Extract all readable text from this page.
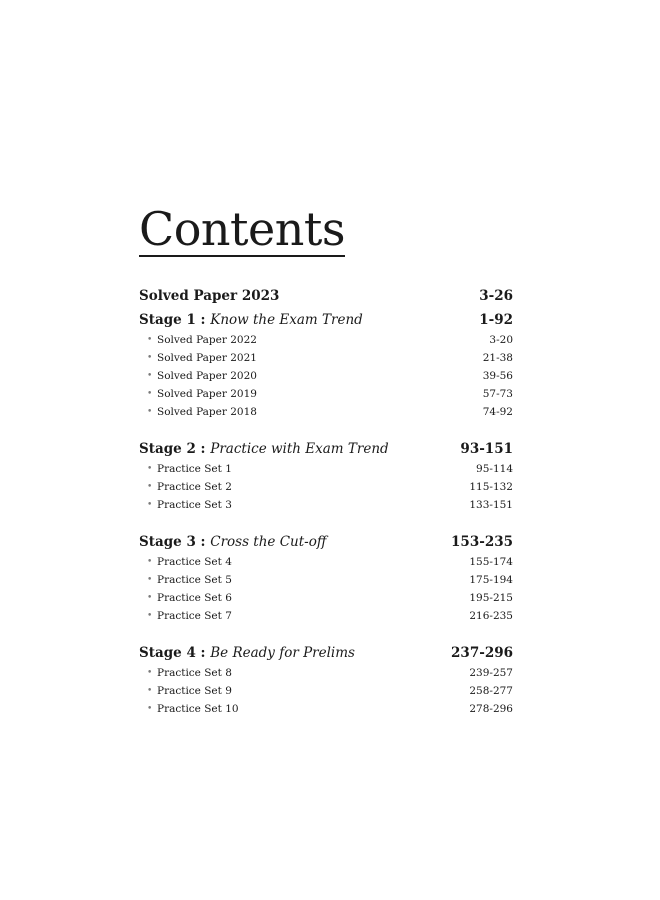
Contents
Solved Paper 2023	3-26
Stage 1 : Know the Exam Trend	1-92
• Solved Paper 2022	3-20
• Solved Paper 2021	21-38
• Solved Paper 2020	39-56
• Solved Paper 2019	57-73
• Solved Paper 2018	74-92
Stage 2 : Practice with Exam Trend	93-151
• Practice Set 1	95-114
• Practice Set 2	115-132
• Practice Set 3	133-151
Stage 3 : Cross the Cut-off	153-235
• Practice Set 4	155-174
• Practice Set 5	175-194
• Practice Set 6	195-215
• Practice Set 7	216-235
Stage 4 : Be Ready for Prelims	237-296
• Practice Set 8	239-257
• Practice Set 9	258-277
• Practice Set 10	278-296
